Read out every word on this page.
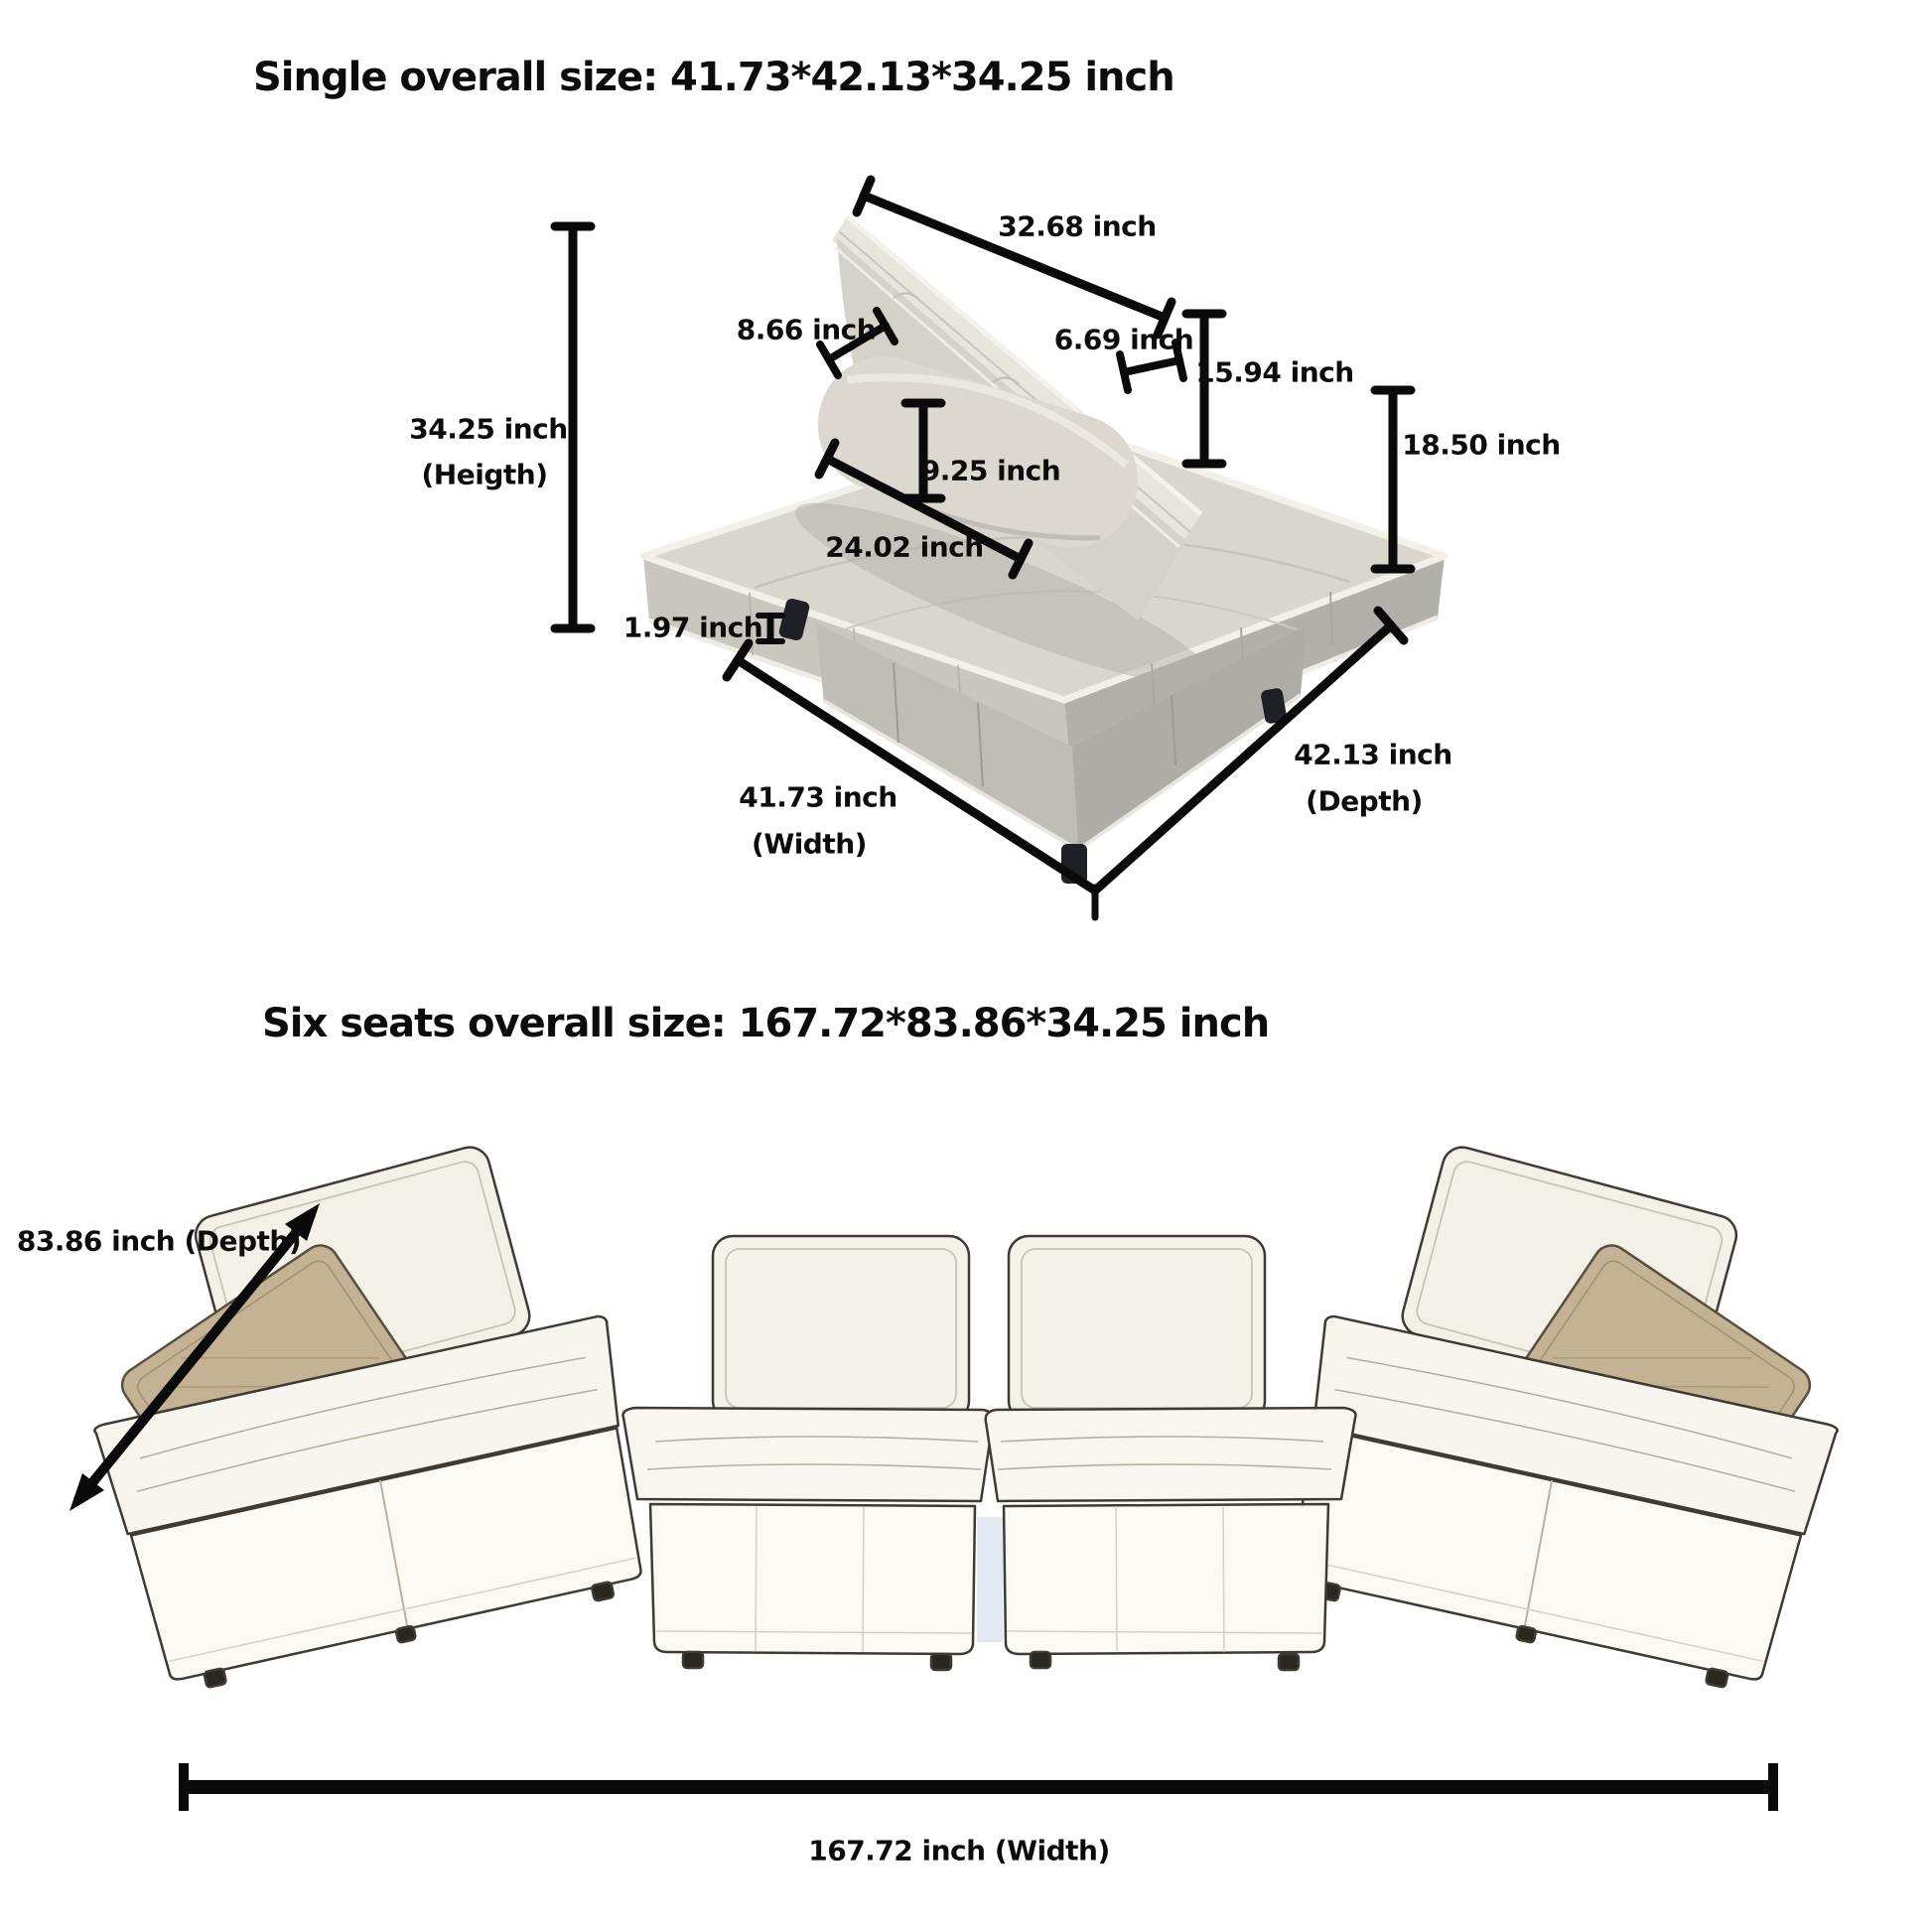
Single overall size: 41.73*42.13*34.25 inch
32.68 inch
8.66 inch	6.69 inch
15.94 inch
34.25 inch
(Heigth)
18.50 inch
9.25 inch
24.02 inch
1.97 inch
41.73 inch
(Width)
42.13 inch
(Depth)
Six seats overall size: 167.72*83.86*34.25 inch
83.86 inch (Depth)
167.72 inch (Width)
